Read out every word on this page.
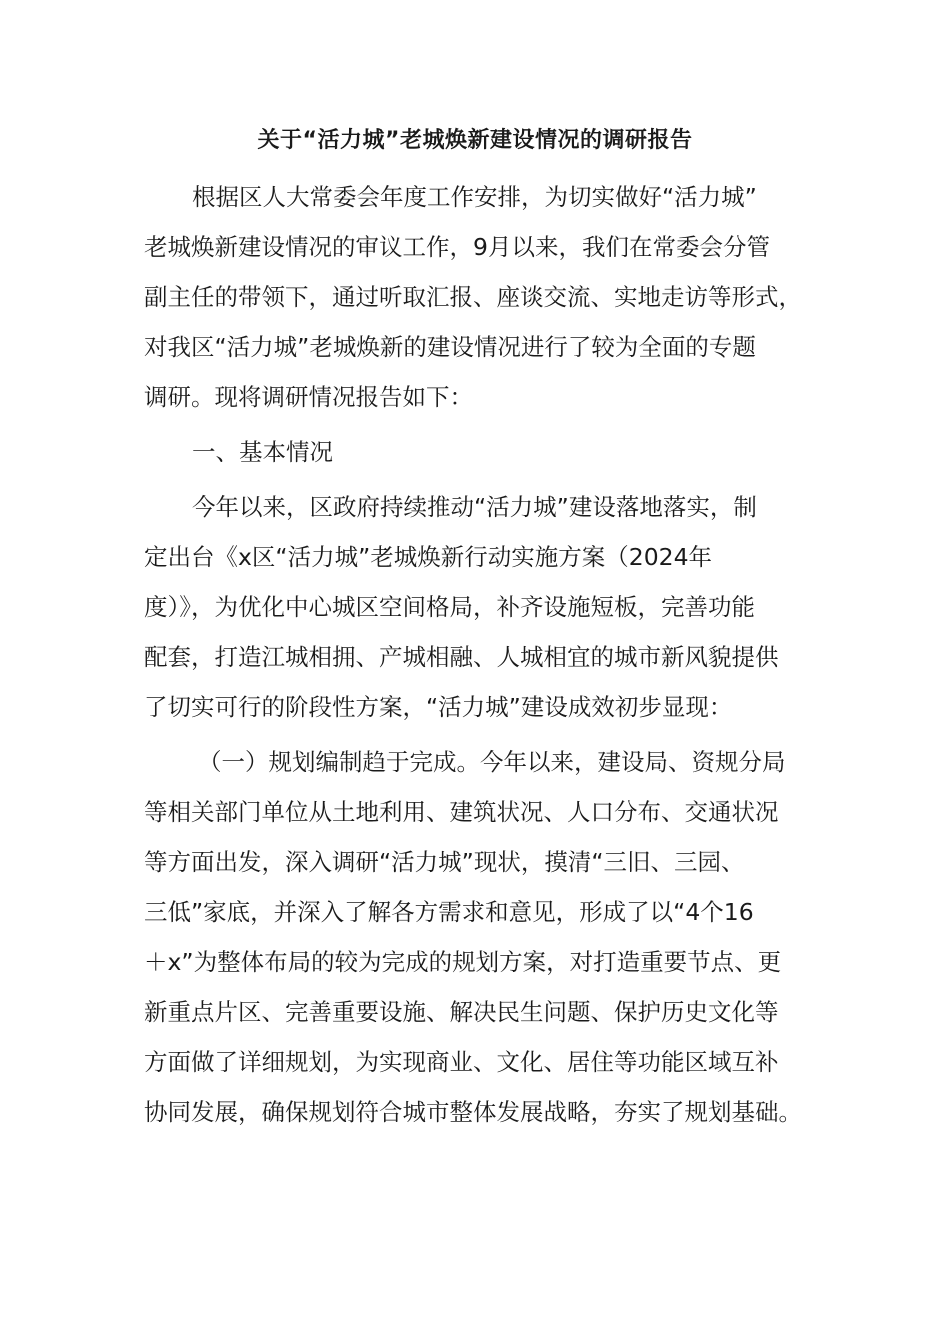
关于“活力城”老城焕新建设情况的调研报告
根据区人大常委会年度工作安排，为切实做好“活力城”
老城焕新建设情况的审议工作，9月以来，我们在常委会分管
副主任的带领下，通过听取汇报、座谈交流、实地走访等形式，
对我区“活力城”老城焕新的建设情况进行了较为全面的专题
调研。现将调研情况报告如下：
一、基本情况
今年以来，区政府持续推动“活力城”建设落地落实，制
定出台《x区“活力城”老城焕新行动实施方案（2024年
度）》，为优化中心城区空间格局，补齐设施短板，完善功能
配套，打造江城相拥、产城相融、人城相宜的城市新风貌提供
了切实可行的阶段性方案，“活力城”建设成效初步显现：
（一）规划编制趋于完成。今年以来，建设局、资规分局
等相关部门单位从土地利用、建筑状况、人口分布、交通状况
等方面出发，深入调研“活力城”现状，摸清“三旧、三园、
三低”家底，并深入了解各方需求和意见，形成了以“4个16
＋x”为整体布局的较为完成的规划方案，对打造重要节点、更
新重点片区、完善重要设施、解决民生问题、保护历史文化等
方面做了详细规划，为实现商业、文化、居住等功能区域互补
协同发展，确保规划符合城市整体发展战略，夯实了规划基础。
